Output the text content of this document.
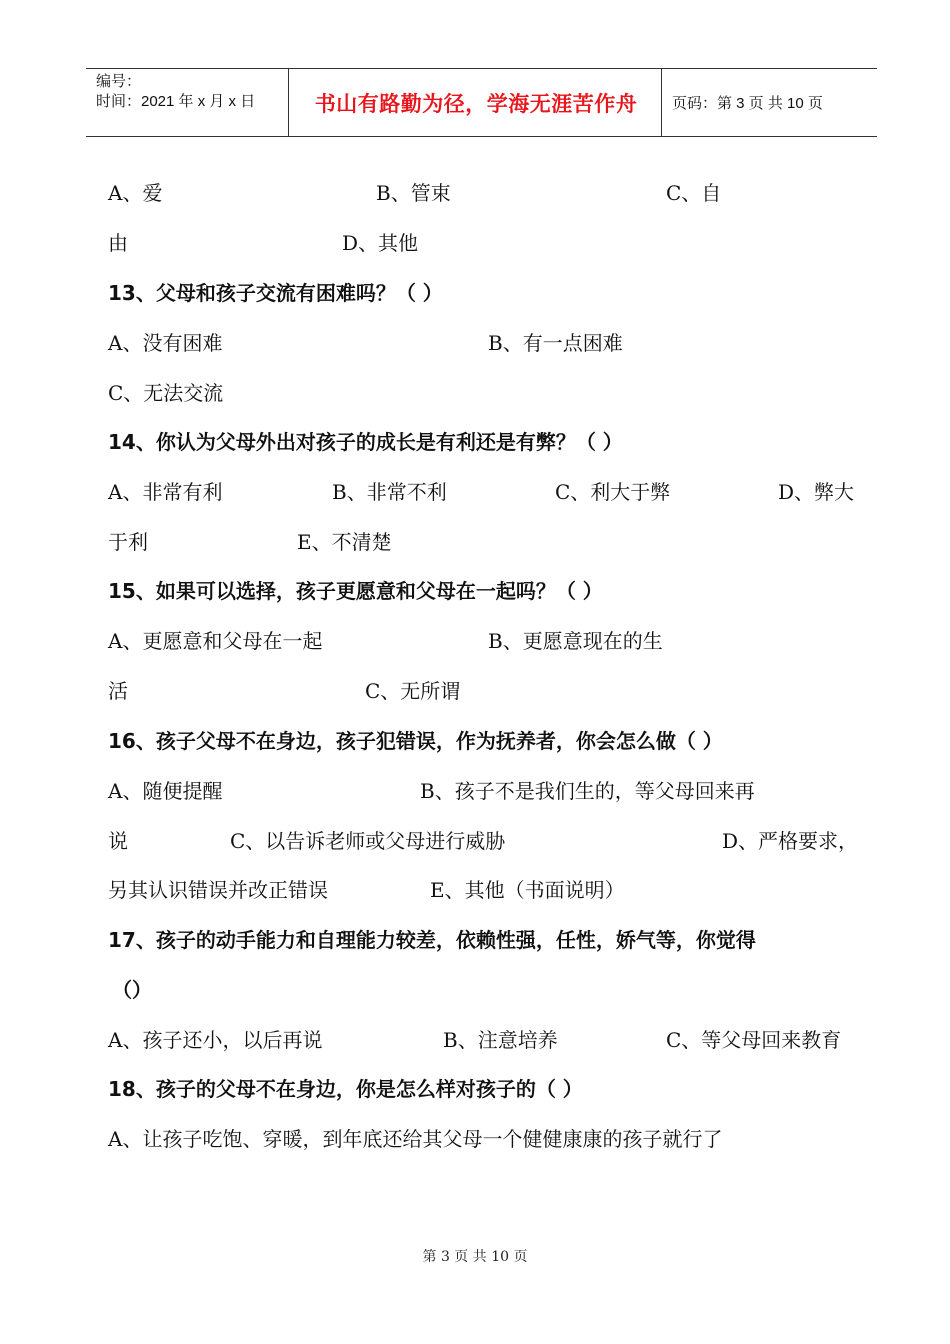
编号：
时间：2021 年 x 月 x 日	书山有路勤为径，学海无涯苦作舟	页码：第 3 页 共 10 页
A、爱	B、管束	C、自
由	D、其他
13、父母和孩子交流有困难吗？（ ）
A、没有困难	B、有一点困难
C、无法交流
14、你认为父母外出对孩子的成长是有利还是有弊？（ ）
A、非常有利	B、非常不利	C、利大于弊	D、弊大
于利	E、不清楚
15、如果可以选择，孩子更愿意和父母在一起吗？（ ）
A、更愿意和父母在一起	B、更愿意现在的生
活	C、无所谓
16、孩子父母不在身边，孩子犯错误，作为抚养者，你会怎么做（ ）
A、随便提醒	B、孩子不是我们生的，等父母回来再
说	C、以告诉老师或父母进行威胁	D、严格要求，
另其认识错误并改正错误	E、其他（书面说明）
17、孩子的动手能力和自理能力较差，依赖性强，任性，娇气等，你觉得
（）
A、孩子还小，以后再说	B、注意培养	C、等父母回来教育
18、孩子的父母不在身边，你是怎么样对孩子的（ ）
A、让孩子吃饱、穿暖，到年底还给其父母一个健健康康的孩子就行了
第 3 页 共 10 页
